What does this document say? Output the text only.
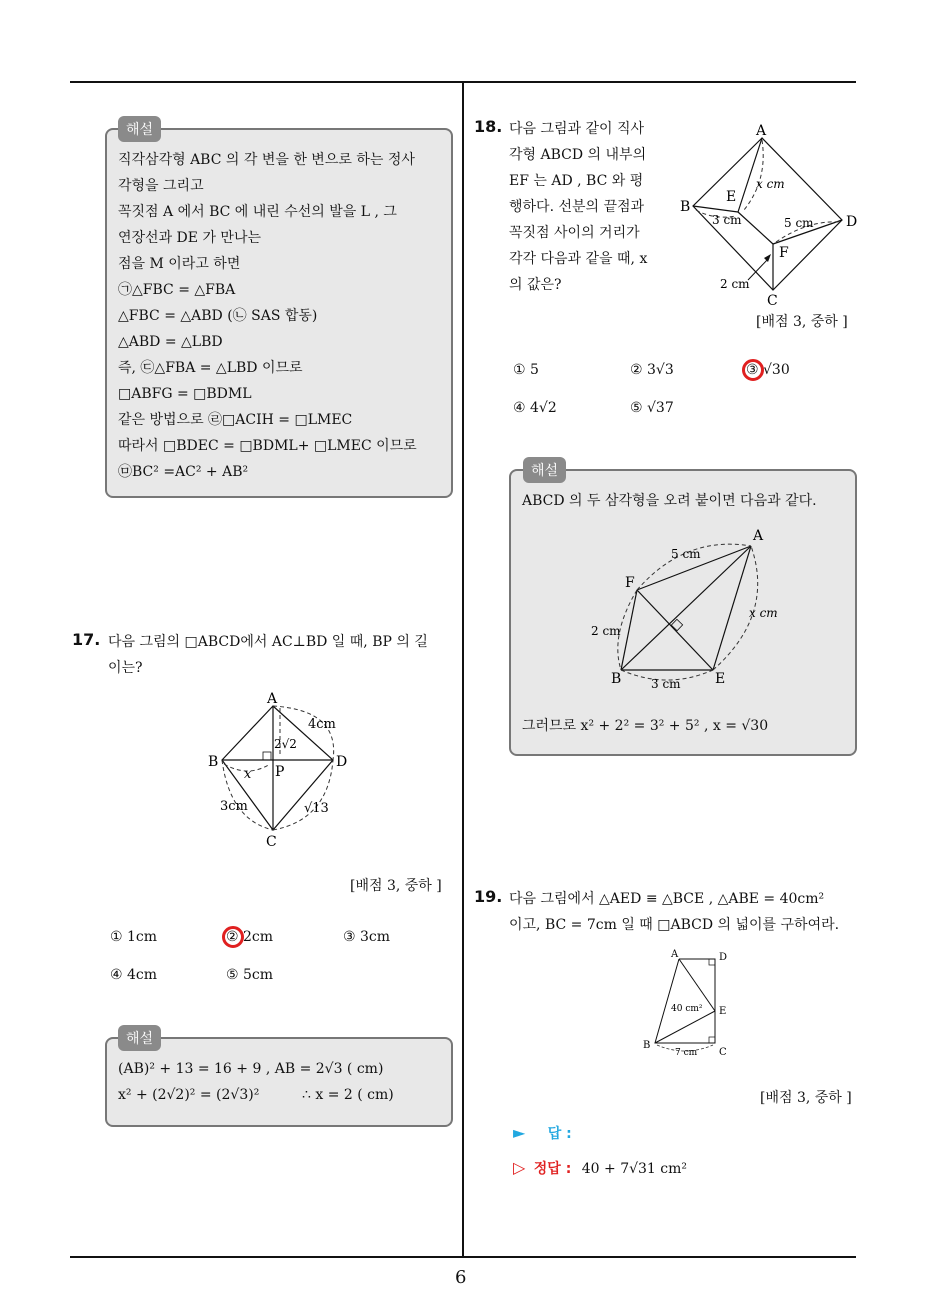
6
해설
직각삼각형 ABC 의 각 변을 한 변으로 하는 정사
각형을 그리고
꼭짓점 A 에서 BC 에 내린 수선의 발을 L , 그
연장선과 DE 가 만나는
점을 M 이라고 하면
㉠△FBC = △FBA
△FBC = △ABD (㉡ SAS 합동)
△ABD = △LBD
즉, ㉢△FBA = △LBD 이므로
□ABFG = □BDML
같은 방법으로 ㉣□ACIH = □LMEC
따라서 □BDEC = □BDML+ □LMEC 이므로
㉤BC² =AC² + AB²
17. 다음 그림의 □ABCD에서 AC⊥BD 일 때, BP 의 길
이는?
A
B
C
D
P
x
4cm
2√2
3cm	√13
[배점 3, 중하 ]
① 1cm	② 2cm	③ 3cm
④ 4cm	⑤ 5cm
해설
(AB)² + 13 = 16 + 9 , AB = 2√3 ( cm)
x² + (2√2)² = (2√3)²	∴ x = 2 ( cm)
18. 다음 그림과 같이 직사
각형 ABCD 의 내부의
EF 는 AD , BC 와 평
행하다. 선분의 끝점과
꼭짓점 사이의 거리가
각각 다음과 같을 때, x
의 값은?
A
B
C
D
E
F
x cm
3 cm	5 cm
2 cm
[배점 3, 중하 ]
① 5	② 3√3	③ √30
④ 4√2	⑤ √37
해설
ABCD 의 두 삼각형을 오려 붙이면 다음과 같다.
A
F
B	E
5 cm
2 cm
3 cm
x cm
그러므로 x² + 2² = 3² + 5² , x = √30
19. 다음 그림에서 △AED ≡ △BCE , △ABE = 40cm²
이고, BC = 7cm 일 때 □ABCD 의 넓이를 구하여라.
A	D
E
B
C
40 cm²
7 cm
[배점 3, 중하 ]
► 답 :
▷ 정답 : 40 + 7√31 cm²
